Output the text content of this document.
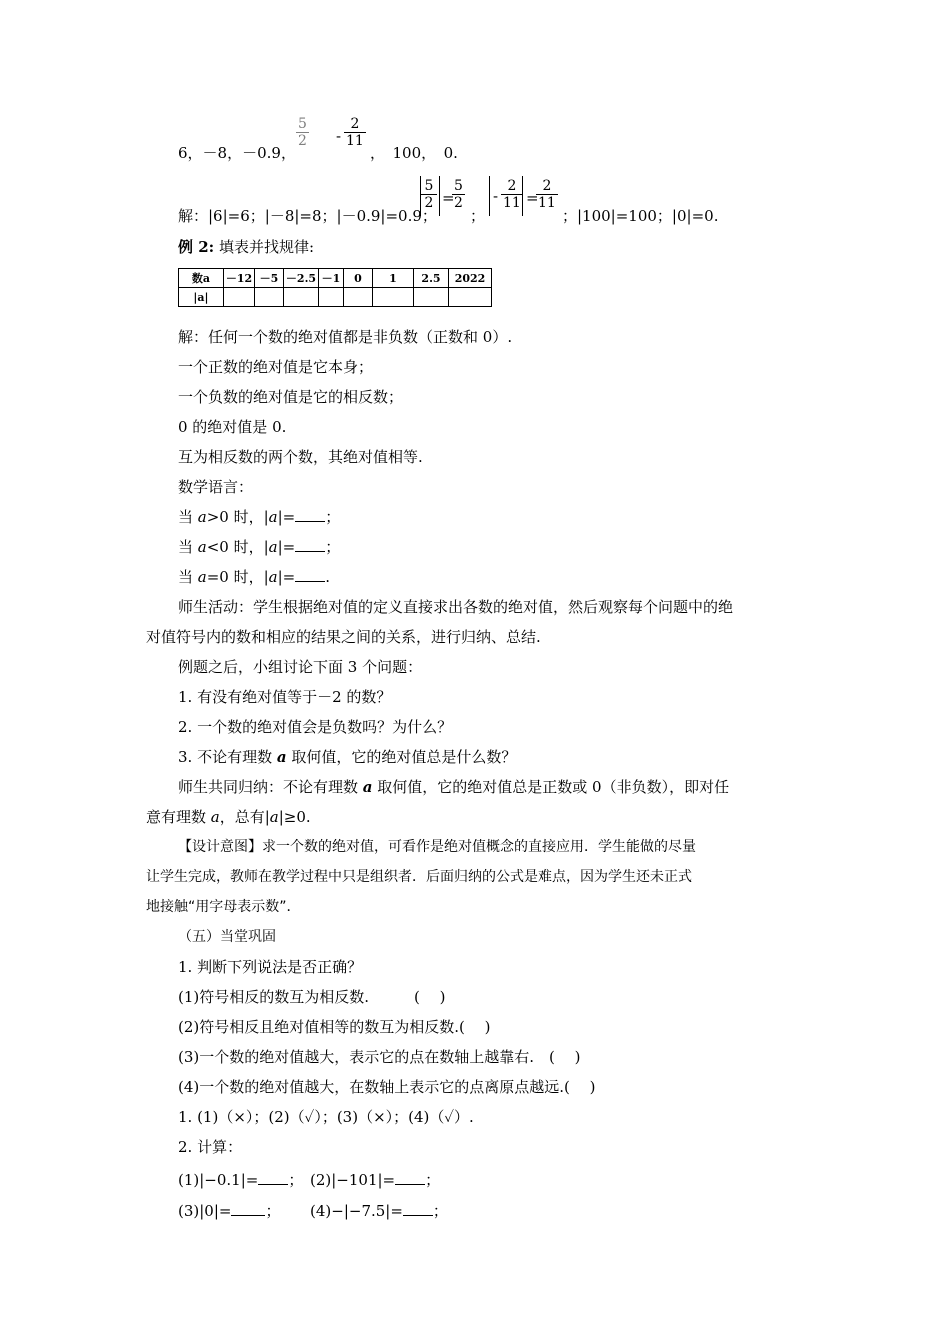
6，－8，－0.9，
5
2 -
2
11
，　100，　0.
解：|6|=6；|－8|=8；|－0.9|=0.9；
5
2 =
5
2
；
-
2
11 =
2
11
；|100|=100；|0|=0.
例 2: 填表并找规律:
数a	－12	－5	－2.5	－1	0	1	2.5	2022
|a|								
解：任何一个数的绝对值都是非负数（正数和 0）.
一个正数的绝对值是它本身；
一个负数的绝对值是它的相反数；
0 的绝对值是 0.
互为相反数的两个数，其绝对值相等.
数学语言：
当 a>0 时，|a|= ；
当 a<0 时，|a|= ；
当 a=0 时，|a|= .
师生活动：学生根据绝对值的定义直接求出各数的绝对值，然后观察每个问题中的绝
对值符号内的数和相应的结果之间的关系，进行归纳、总结.
例题之后，小组讨论下面 3 个问题：
1. 有没有绝对值等于－2 的数？
2. 一个数的绝对值会是负数吗？为什么？
3. 不论有理数 a 取何值，它的绝对值总是什么数？
师生共同归纳：不论有理数 a 取何值，它的绝对值总是正数或 0（非负数），即对任
意有理数 a，总有|a|≥0.
【设计意图】求一个数的绝对值，可看作是绝对值概念的直接应用．学生能做的尽量
让学生完成，教师在教学过程中只是组织者．后面归纳的公式是难点，因为学生还未正式
地接触“用字母表示数”．
（五）当堂巩固
1. 判断下列说法是否正确？
(1)符号相反的数互为相反数.　　　(　 )
(2)符号相反且绝对值相等的数互为相反数.(　 )
(3)一个数的绝对值越大，表示它的点在数轴上越靠右.　(　 )
(4)一个数的绝对值越大，在数轴上表示它的点离原点越远.(　 )
1. (1)（×）；(2)（✓）；(3)（×）；(4)（✓）.
2. 计算：
(1)|−0.1|= ； (2)|−101|= ；
(3)|0|= ； (4)−|−7.5|= ；
